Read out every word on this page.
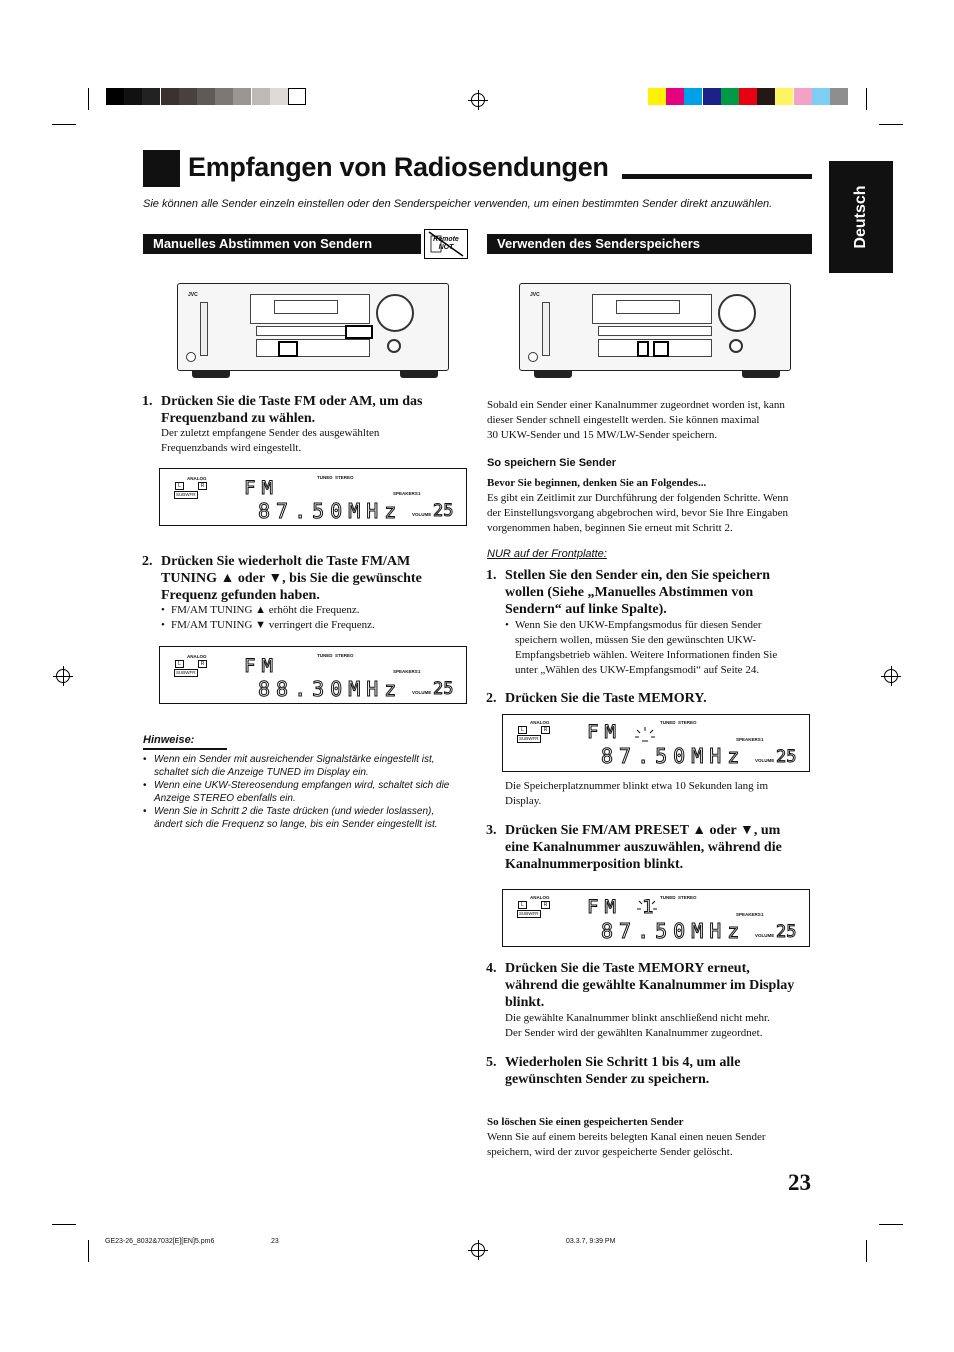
Empfangen von Radiosendungen
Deutsch
Sie können alle Sender einzeln einstellen oder den Senderspeicher verwenden, um einen bestimmten Sender direkt anzuwählen.
Manuelles Abstimmen von Sendern	Remote NOT
JVC
1. Drücken Sie die Taste FM oder AM, um das
Frequenzband zu wählen.
Der zuletzt empfangene Sender des ausgewählten
Frequenzbands wird eingestellt.
ANALOG
L	R
SUBWFR
TUNED STEREO
SPEAKERS 1
FM
87.50MHz VOLUME 25
2. Drücken Sie wiederholt die Taste FM/AM
TUNING ▲ oder ▼, bis Sie die gewünschte
Frequenz gefunden haben.
• FM/AM TUNING ▲ erhöht die Frequenz.
• FM/AM TUNING ▼ verringert die Frequenz.
ANALOG
L	R
SUBWFR
TUNED STEREO
SPEAKERS 1
FM
88.30MHz VOLUME 25
Hinweise:
• Wenn ein Sender mit ausreichender Signalstärke eingestellt ist,
schaltet sich die Anzeige TUNED im Display ein.
• Wenn eine UKW-Stereosendung empfangen wird, schaltet sich die
Anzeige STEREO ebenfalls ein.
• Wenn Sie in Schritt 2 die Taste drücken (und wieder loslassen),
ändert sich die Frequenz so lange, bis ein Sender eingestellt ist.
Verwenden des Senderspeichers
JVC
Sobald ein Sender einer Kanalnummer zugeordnet worden ist, kann
dieser Sender schnell eingestellt werden. Sie können maximal
30 UKW-Sender und 15 MW/LW-Sender speichern.
So speichern Sie Sender
Bevor Sie beginnen, denken Sie an Folgendes...
Es gibt ein Zeitlimit zur Durchführung der folgenden Schritte. Wenn
der Einstellungsvorgang abgebrochen wird, bevor Sie Ihre Eingaben
vorgenommen haben, beginnen Sie erneut mit Schritt 2.
NUR auf der Frontplatte:
1. Stellen Sie den Sender ein, den Sie speichern
wollen (Siehe „Manuelles Abstimmen von
Sendern“ auf linke Spalte).
• Wenn Sie den UKW-Empfangsmodus für diesen Sender
speichern wollen, müssen Sie den gewünschten UKW-
Empfangsbetrieb wählen. Weitere Informationen finden Sie
unter „Wählen des UKW-Empfangsmodi“ auf Seite 24.
2. Drücken Sie die Taste MEMORY.
ANALOG
L	R
SUBWFR
TUNED STEREO
SPEAKERS 1
FM
87.50MHz VOLUME 25
Die Speicherplatznummer blinkt etwa 10 Sekunden lang im
Display.
3. Drücken Sie FM/AM PRESET ▲ oder ▼, um
eine Kanalnummer auszuwählen, während die
Kanalnummerposition blinkt.
ANALOG
L	R
SUBWFR
TUNED STEREO
SPEAKERS 1
FM 1
87.50MHz VOLUME 25
4. Drücken Sie die Taste MEMORY erneut,
während die gewählte Kanalnummer im Display
blinkt.
Die gewählte Kanalnummer blinkt anschließend nicht mehr.
Der Sender wird der gewählten Kanalnummer zugeordnet.
5. Wiederholen Sie Schritt 1 bis 4, um alle
gewünschten Sender zu speichern.
So löschen Sie einen gespeicherten Sender
Wenn Sie auf einem bereits belegten Kanal einen neuen Sender
speichern, wird der zuvor gespeicherte Sender gelöscht.
23
GE23-26_8032&7032[E][EN]5.pm6	23	03.3.7, 9:39 PM
